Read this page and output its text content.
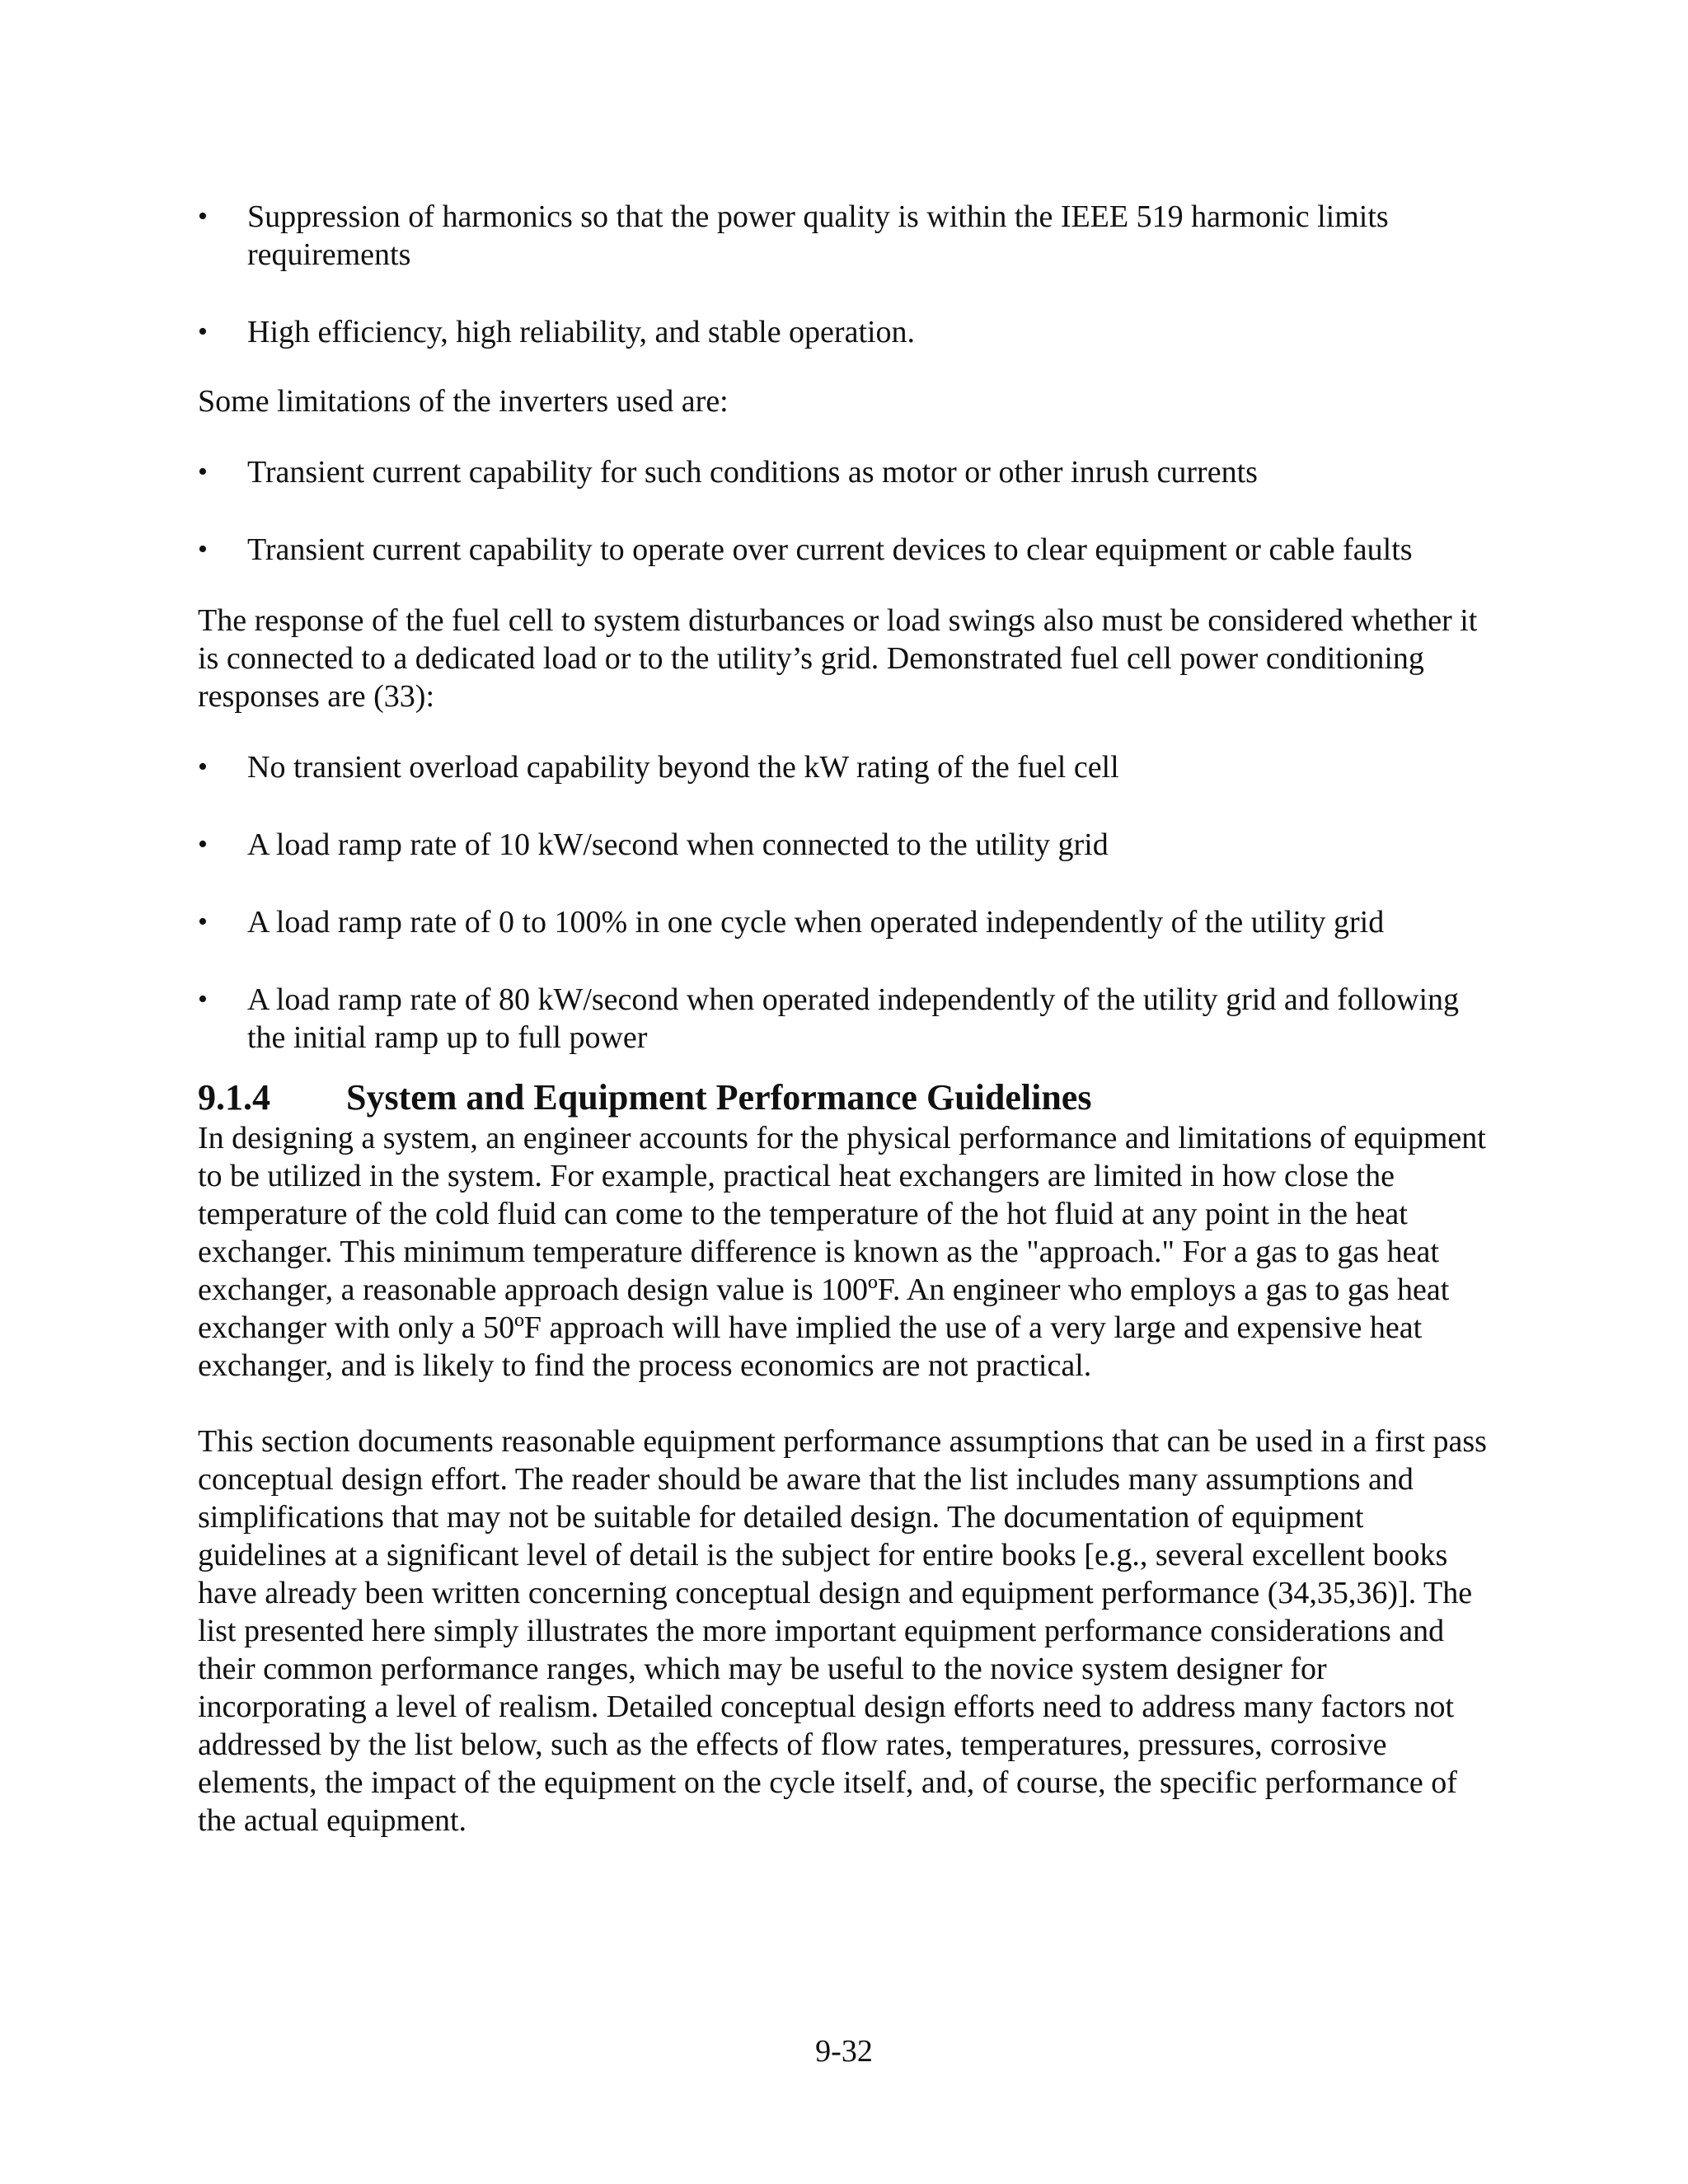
• Suppression of harmonics so that the power quality is within the IEEE 519 harmonic limits requirements
• High efficiency, high reliability, and stable operation.

Some limitations of the inverters used are:

• Transient current capability for such conditions as motor or other inrush currents
• Transient current capability to operate over current devices to clear equipment or cable faults

The response of the fuel cell to system disturbances or load swings also must be considered whether it is connected to a dedicated load or to the utility’s grid. Demonstrated fuel cell power conditioning responses are (33):

• No transient overload capability beyond the kW rating of the fuel cell
• A load ramp rate of 10 kW/second when connected to the utility grid
• A load ramp rate of 0 to 100% in one cycle when operated independently of the utility grid
• A load ramp rate of 80 kW/second when operated independently of the utility grid and following the initial ramp up to full power
9.1.4	System and Equipment Performance Guidelines

In designing a system, an engineer accounts for the physical performance and limitations of equipment to be utilized in the system. For example, practical heat exchangers are limited in how close the temperature of the cold fluid can come to the temperature of the hot fluid at any point in the heat exchanger. This minimum temperature difference is known as the "approach." For a gas to gas heat exchanger, a reasonable approach design value is 100ºF. An engineer who employs a gas to gas heat exchanger with only a 50ºF approach will have implied the use of a very large and expensive heat exchanger, and is likely to find the process economics are not practical.

This section documents reasonable equipment performance assumptions that can be used in a first pass conceptual design effort. The reader should be aware that the list includes many assumptions and simplifications that may not be suitable for detailed design. The documentation of equipment guidelines at a significant level of detail is the subject for entire books [e.g., several excellent books have already been written concerning conceptual design and equipment performance (34,35,36)]. The list presented here simply illustrates the more important equipment performance considerations and their common performance ranges, which may be useful to the novice system designer for incorporating a level of realism. Detailed conceptual design efforts need to address many factors not addressed by the list below, such as the effects of flow rates, temperatures, pressures, corrosive elements, the impact of the equipment on the cycle itself, and, of course, the specific performance of the actual equipment.

9-32
